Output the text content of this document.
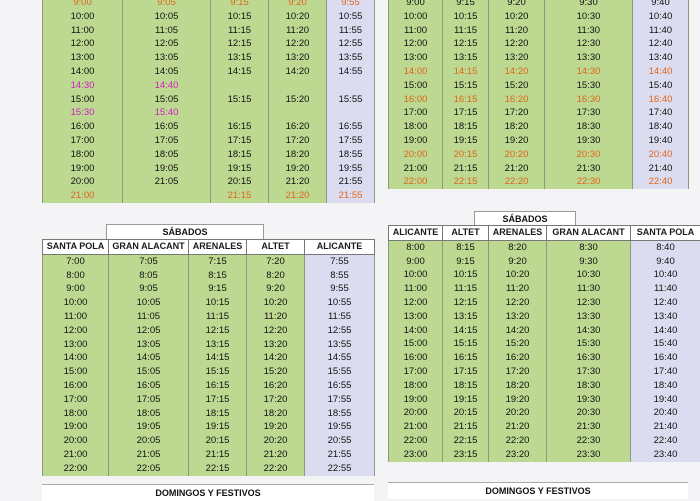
9:00	9:05	9:15	9:20	9:55
10:00	10:05	10:15	10:20	10:55
11:00	11:05	11:15	11:20	11:55
12:00	12:05	12:15	12:20	12:55
13:00	13:05	13:15	13:20	13:55
14:00	14:05	14:15	14:20	14:55
14:30	14:40			
15:00	15:05	15:15	15:20	15:55
15:30	15:40			
16:00	16:05	16:15	16:20	16:55
17:00	17:05	17:15	17:20	17:55
18:00	18:05	18:15	18:20	18:55
19:00	19:05	19:15	19:20	19:55
20:00	21:05	20:15	21:20	21:55
21:00		21:15	21:20	21:55
9:00	9:15	9:20	9:30	9:40
10:00	10:15	10:20	10:30	10:40
11:00	11:15	11:20	11:30	11:40
12:00	12:15	12:20	12:30	12:40
13:00	13:15	13:20	13:30	13:40
14:00	14:15	14:20	14:30	14:40
15:00	15:15	15:20	15:30	15:40
16:00	16:15	16:20	16:30	16:40
17:00	17:15	17:20	17:30	17:40
18:00	18:15	18:20	18:30	18:40
19:00	19:15	19:20	19:30	19:40
20:00	20:15	20:20	20:30	20:40
21:00	21:15	21:20	21:30	21:40
22:00	22:15	22:20	22:30	22:40
SÁBADOS
SANTA POLA	GRAN ALACANT	ARENALES	ALTET	ALICANTE
7:00	7:05	7:15	7:20	7:55
8:00	8:05	8:15	8:20	8:55
9:00	9:05	9:15	9:20	9:55
10:00	10:05	10:15	10:20	10:55
11:00	11:05	11:15	11:20	11:55
12:00	12:05	12:15	12:20	12:55
13:00	13:05	13:15	13:20	13:55
14:00	14:05	14:15	14:20	14:55
15:00	15:05	15:15	15:20	15:55
16:00	16:05	16:15	16:20	16:55
17:00	17:05	17:15	17:20	17:55
18:00	18:05	18:15	18:20	18:55
19:00	19:05	19:15	19:20	19:55
20:00	20:05	20:15	20:20	20:55
21:00	21:05	21:15	21:20	21:55
22:00	22:05	22:15	22:20	22:55
SÁBADOS
ALICANTE	ALTET	ARENALES	GRAN ALACANT	SANTA POLA
8:00	8:15	8:20	8:30	8:40
9:00	9:15	9:20	9:30	9:40
10:00	10:15	10:20	10:30	10:40
11:00	11:15	11:20	11:30	11:40
12:00	12:15	12:20	12:30	12:40
13:00	13:15	13:20	13:30	13:40
14:00	14:15	14:20	14:30	14:40
15:00	15:15	15:20	15:30	15:40
16:00	16:15	16:20	16:30	16:40
17:00	17:15	17:20	17:30	17:40
18:00	18:15	18:20	18:30	18:40
19:00	19:15	19:20	19:30	19:40
20:00	20:15	20:20	20:30	20:40
21:00	21:15	21:20	21:30	21:40
22:00	22:15	22:20	22:30	22:40
23:00	23:15	23:20	23:30	23:40
DOMINGOS Y FESTIVOS	DOMINGOS Y FESTIVOS
